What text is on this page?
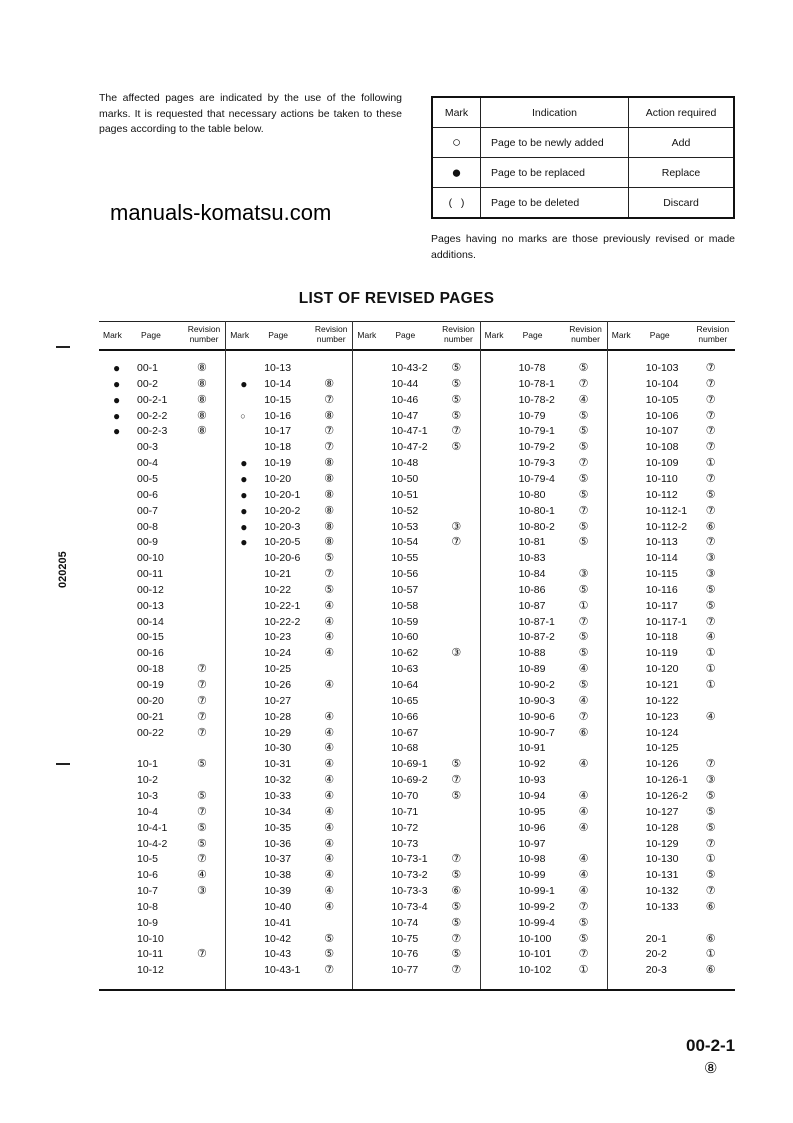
The affected pages are indicated by the use of the following marks. It is requested that necessary actions be taken to these pages according to the table below.
Mark	Indication	Action required
○	Page to be newly added	Add
●	Page to be replaced	Replace
(   )	Page to be deleted	Discard
Pages having no marks are those previously revised or made additions.
LIST OF REVISED PAGES
Mark Page
Revision number
● 00-1	⑧
● 00-2	⑧
● 00-2-1	⑧
● 00-2-2	⑧
● 00-2-3	⑧
00-3
00-4
00-5
00-6
00-7
00-8
00-9
00-10
00-11
00-12
00-13
00-14
00-15
00-16
00-18	⑦
00-19	⑦
00-20	⑦
00-21	⑦
00-22	⑦
10-1	⑤
10-2
10-3	⑤
10-4	⑦
10-4-1	⑤
10-4-2	⑤
10-5	⑦
10-6	④
10-7	③
10-8
10-9
10-10
10-11	⑦
10-12
Mark Page
Revision number
10-13
● 10-14	⑧
10-15	⑦
○ 10-16	⑧
10-17	⑦
10-18	⑦
● 10-19	⑧
● 10-20	⑧
● 10-20-1 ⑧
● 10-20-2 ⑧
● 10-20-3 ⑧
● 10-20-5 ⑧
10-20-6 ⑤
10-21	⑦
10-22	⑤
10-22-1 ④
10-22-2 ④
10-23	④
10-24	④
10-25
10-26	④
10-27
10-28	④
10-29	④
10-30	④
10-31	④
10-32	④
10-33	④
10-34	④
10-35	④
10-36	④
10-37	④
10-38	④
10-39	④
10-40	④
10-41
10-42	⑤
10-43	⑤
10-43-1 ⑦
Mark Page
Revision number
10-43-2 ⑤
10-44	⑤
10-46	⑤
10-47	⑤
10-47-1 ⑦
10-47-2 ⑤
10-48
10-50
10-51
10-52
10-53	③
10-54	⑦
10-55
10-56
10-57
10-58
10-59
10-60
10-62	③
10-63
10-64
10-65
10-66
10-67
10-68
10-69-1 ⑤
10-69-2 ⑦
10-70	⑤
10-71
10-72
10-73
10-73-1 ⑦
10-73-2 ⑤
10-73-3 ⑥
10-73-4 ⑤
10-74	⑤
10-75	⑦
10-76	⑤
10-77	⑦
Mark Page
Revision number
10-78	⑤
10-78-1 ⑦
10-78-2 ④
10-79	⑤
10-79-1 ⑤
10-79-2 ⑤
10-79-3 ⑦
10-79-4 ⑤
10-80	⑤
10-80-1 ⑦
10-80-2 ⑤
10-81	⑤
10-83
10-84	③
10-86	⑤
10-87	①
10-87-1 ⑦
10-87-2 ⑤
10-88	⑤
10-89	④
10-90-2 ⑤
10-90-3 ④
10-90-6 ⑦
10-90-7 ⑥
10-91
10-92	④
10-93
10-94	④
10-95	④
10-96	④
10-97
10-98	④
10-99	④
10-99-1 ④
10-99-2 ⑦
10-99-4 ⑤
10-100 ⑤
10-101 ⑦
10-102 ①
Mark Page
Revision number
10-103 ⑦
10-104 ⑦
10-105 ⑦
10-106 ⑦
10-107 ⑦
10-108 ⑦
10-109 ①
10-110	⑦
10-112	⑤
10-112-1 ⑦
10-112-2 ⑥
10-113	⑦
10-114	③
10-115	③
10-116	⑤
10-117	⑤
10-117-1 ⑦
10-118	④
10-119	①
10-120 ①
10-121 ①
10-122
10-123 ④
10-124
10-125
10-126 ⑦
10-126-1 ③
10-126-2 ⑤
10-127 ⑤
10-128 ⑤
10-129 ⑦
10-130 ①
10-131 ⑤
10-132 ⑦
10-133 ⑥
20-1	⑥
20-2	①
20-3	⑥
manuals-komatsu.com
020205
00-2-1
⑧
